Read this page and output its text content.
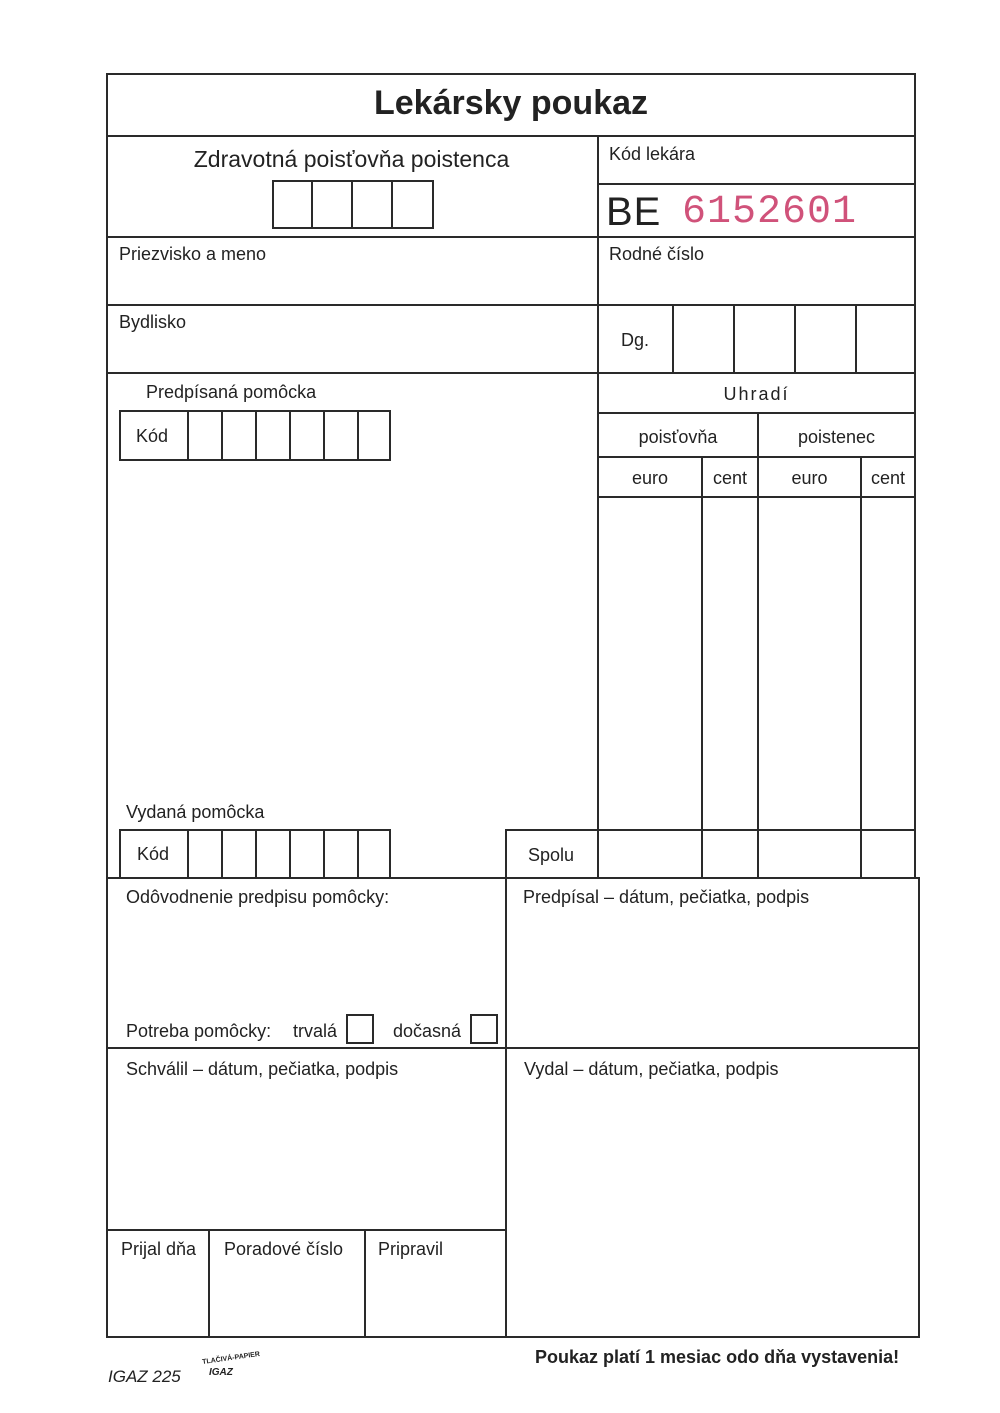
Lekársky poukaz
Zdravotná poisťovňa poistenca	Kód lekára
BE 6152601
Priezvisko a meno	Rodné číslo
Bydlisko
Dg.
Predpísaná pomôcka
Kód
Uhradí
poisťovňa	poistenec
euro	cent	euro	cent
Vydaná pomôcka
Kód	Spolu
Odôvodnenie predpisu pomôcky:	Predpísal – dátum, pečiatka, podpis
Potreba pomôcky: trvalá	dočasná
Schválil – dátum, pečiatka, podpis	Vydal – dátum, pečiatka, podpis
Prijal dňa Poradové číslo Pripravil
IGAZ 225
TLAČIVÁ-PAPIER
IGAZ
Poukaz platí 1 mesiac odo dňa vystavenia!
